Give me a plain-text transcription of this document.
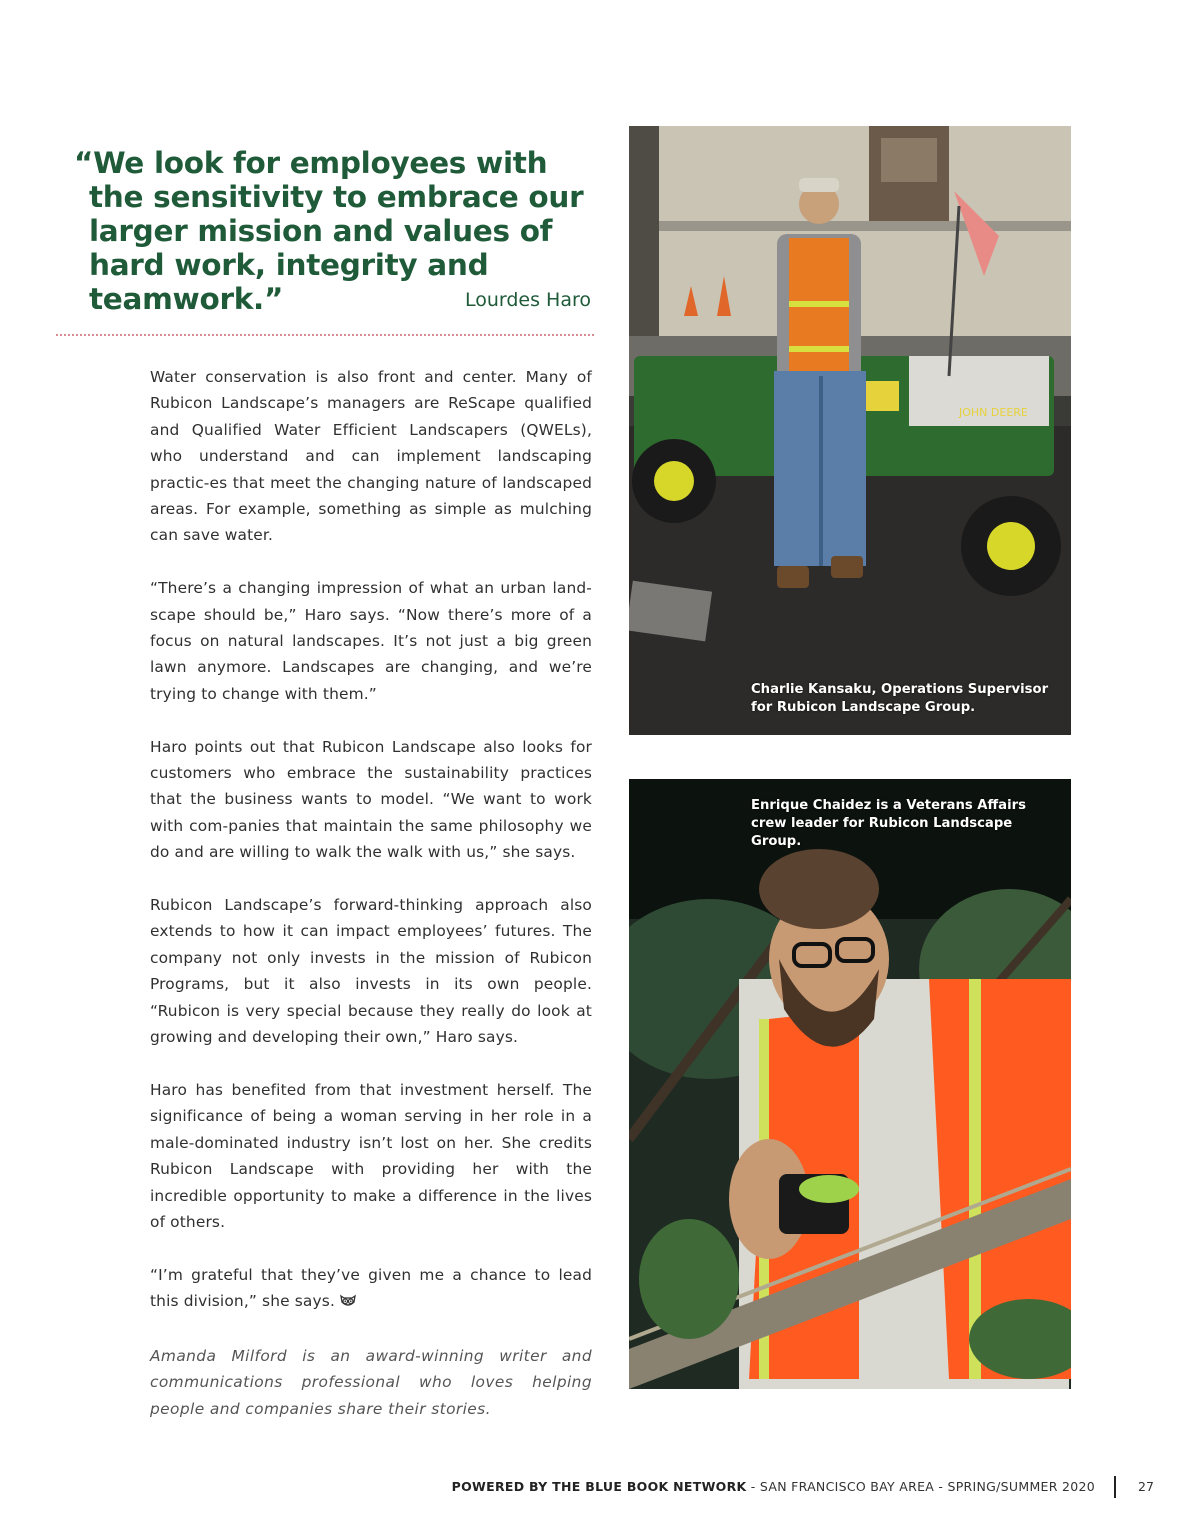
“We look for employees with the sensitivity to embrace our larger mission and values of hard work, integrity and teamwork.”	Lourdes Haro

Water conservation is also front and center. Many of Rubicon Landscape’s managers are ReScape qualified and Qualified Water Efficient Landscapers (QWELs), who understand and can implement landscaping practic-es that meet the changing nature of landscaped areas. For example, something as simple as mulching can save water.

“There’s a changing impression of what an urban land-scape should be,” Haro says. “Now there’s more of a focus on natural landscapes. It’s not just a big green lawn anymore. Landscapes are changing, and we’re trying to change with them.”

Haro points out that Rubicon Landscape also looks for customers who embrace the sustainability practices that the business wants to model. “We want to work with com-panies that maintain the same philosophy we do and are willing to walk the walk with us,” she says.

Rubicon Landscape’s forward-thinking approach also extends to how it can impact employees’ futures. The company not only invests in the mission of Rubicon Programs, but it also invests in its own people. “Rubicon is very special because they really do look at growing and developing their own,” Haro says.

Haro has benefited from that investment herself. The significance of being a woman serving in her role in a male-dominated industry isn’t lost on her. She credits Rubicon Landscape with providing her with the incredible opportunity to make a difference in the lives of others.

“I’m grateful that they’ve given me a chance to lead this division,” she says.

Amanda Milford is an award-winning writer and communications professional who loves helping people and companies share their stories.

JOHN DEERE
Charlie Kansaku, Operations Supervisor for Rubicon Landscape Group.
Enrique Chaidez is a Veterans Affairs crew leader for Rubicon Landscape Group.
POWERED BY THE BLUE BOOK NETWORK - SAN FRANCISCO BAY AREA - SPRING/SUMMER 2020	27
